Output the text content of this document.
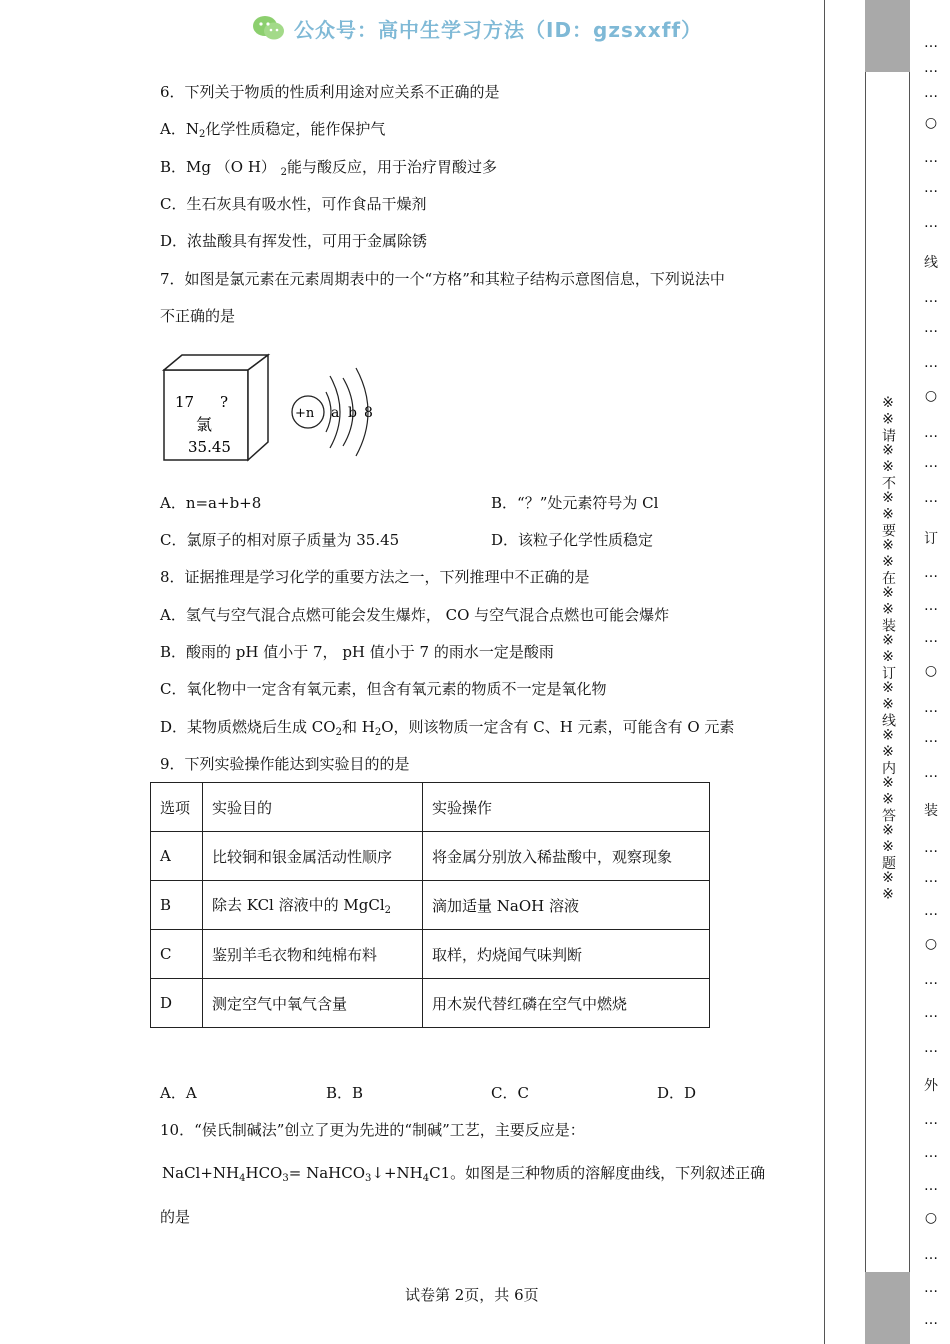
公众号：高中生学习方法（ID：gzsxxff）
6．下列关于物质的性质利用途对应关系不正确的是
A．$N_2$化学性质稳定，能作保护气
B．Mg （O H） $_2$能与酸反应，用于治疗胃酸过多
C．生石灰具有吸水性，可作食品干燥剂
D．浓盐酸具有挥发性，可用于金属除锈
7．如图是氯元素在元素周期表中的一个“方格”和其粒子结构示意图信息，下列说法中
不正确的是
17 ?
氯
35.45
+n a b 8
A．n=a+b+8	B．“？”处元素符号为 Cl
C．氯原子的相对原子质量为 35.45	D．该粒子化学性质稳定
8．证据推理是学习化学的重要方法之一，下列推理中不正确的是
A．氢气与空气混合点燃可能会发生爆炸， CO 与空气混合点燃也可能会爆炸
B．酸雨的 pH 值小于 7， pH 值小于 7 的雨水一定是酸雨
C．氧化物中一定含有氧元素，但含有氧元素的物质不一定是氧化物
D．某物质燃烧后生成 $CO_2$和 $H_2O$，则该物质一定含有 C、H 元素，可能含有 O 元素
9．下列实验操作能达到实验目的的是
选项	实验目的	实验操作
A	比较铜和银金属活动性顺序	将金属分别放入稀盐酸中，观察现象
B	除去 KCl 溶液中的 MgCl$_2$	滴加适量 NaOH 溶液
C	鉴别羊毛衣物和纯棉布料	取样，灼烧闻气味判断
D	测定空气中氧气含量	用木炭代替红磷在空气中燃烧
A．A	B．B	C．C	D．D
10．“侯氏制碱法”创立了更为先进的“制碱”工艺，主要反应是：
$NaCl+NH_4HCO_3=$ $NaHCO_3↓+NH_4C1$。如图是三种物质的溶解度曲线，下列叙述正确
的是
试卷第 2页，共 6页
※※请※※不※※要※※在※※装※※订※※线※※内※※答※※题※※
…
…
…
○
…
…
…
线
…
…
…
○
…
…
…
订
…
…
…
○
…
…
…
装
…
…
…
○
…
…
…
外
…
…
…
○
…
…
…
